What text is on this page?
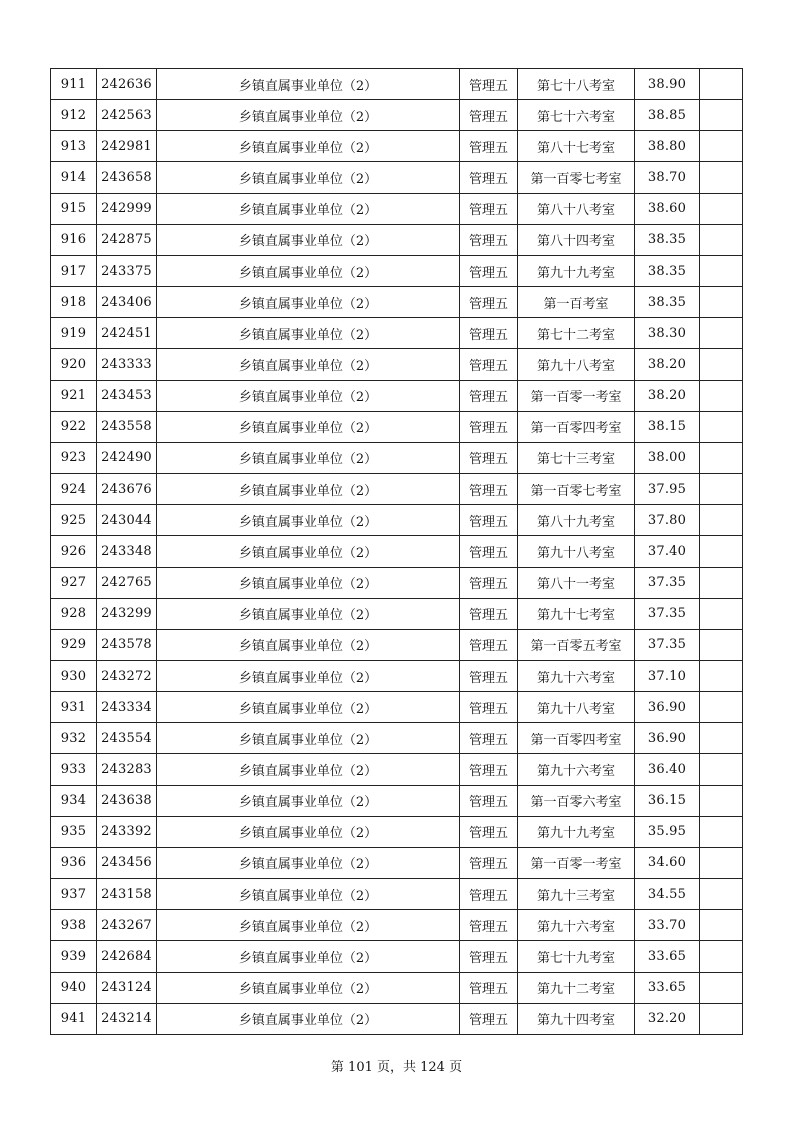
911	242636	乡镇直属事业单位（2）	管理五	第七十八考室	38.90	
912	242563	乡镇直属事业单位（2）	管理五	第七十六考室	38.85	
913	242981	乡镇直属事业单位（2）	管理五	第八十七考室	38.80	
914	243658	乡镇直属事业单位（2）	管理五	第一百零七考室	38.70	
915	242999	乡镇直属事业单位（2）	管理五	第八十八考室	38.60	
916	242875	乡镇直属事业单位（2）	管理五	第八十四考室	38.35	
917	243375	乡镇直属事业单位（2）	管理五	第九十九考室	38.35	
918	243406	乡镇直属事业单位（2）	管理五	第一百考室	38.35	
919	242451	乡镇直属事业单位（2）	管理五	第七十二考室	38.30	
920	243333	乡镇直属事业单位（2）	管理五	第九十八考室	38.20	
921	243453	乡镇直属事业单位（2）	管理五	第一百零一考室	38.20	
922	243558	乡镇直属事业单位（2）	管理五	第一百零四考室	38.15	
923	242490	乡镇直属事业单位（2）	管理五	第七十三考室	38.00	
924	243676	乡镇直属事业单位（2）	管理五	第一百零七考室	37.95	
925	243044	乡镇直属事业单位（2）	管理五	第八十九考室	37.80	
926	243348	乡镇直属事业单位（2）	管理五	第九十八考室	37.40	
927	242765	乡镇直属事业单位（2）	管理五	第八十一考室	37.35	
928	243299	乡镇直属事业单位（2）	管理五	第九十七考室	37.35	
929	243578	乡镇直属事业单位（2）	管理五	第一百零五考室	37.35	
930	243272	乡镇直属事业单位（2）	管理五	第九十六考室	37.10	
931	243334	乡镇直属事业单位（2）	管理五	第九十八考室	36.90	
932	243554	乡镇直属事业单位（2）	管理五	第一百零四考室	36.90	
933	243283	乡镇直属事业单位（2）	管理五	第九十六考室	36.40	
934	243638	乡镇直属事业单位（2）	管理五	第一百零六考室	36.15	
935	243392	乡镇直属事业单位（2）	管理五	第九十九考室	35.95	
936	243456	乡镇直属事业单位（2）	管理五	第一百零一考室	34.60	
937	243158	乡镇直属事业单位（2）	管理五	第九十三考室	34.55	
938	243267	乡镇直属事业单位（2）	管理五	第九十六考室	33.70	
939	242684	乡镇直属事业单位（2）	管理五	第七十九考室	33.65	
940	243124	乡镇直属事业单位（2）	管理五	第九十二考室	33.65	
941	243214	乡镇直属事业单位（2）	管理五	第九十四考室	32.20	
第 101 页，共 124 页
